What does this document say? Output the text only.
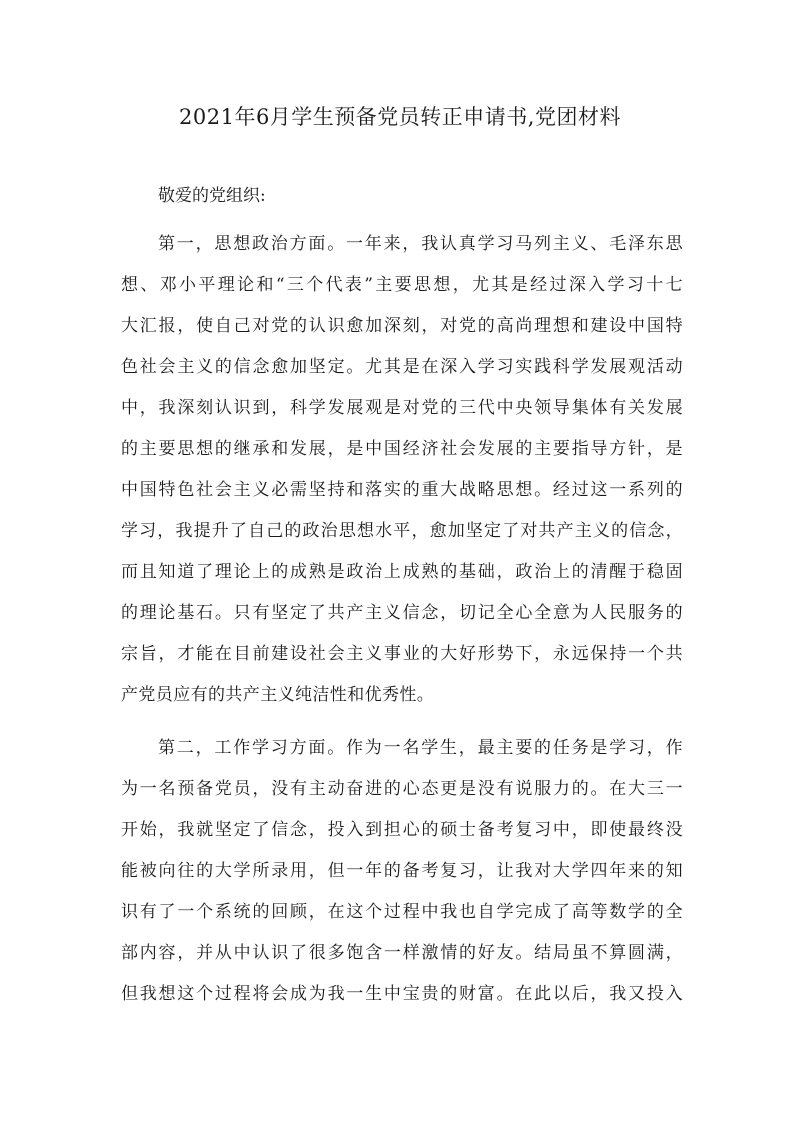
2021年6月学生预备党员转正申请书,党团材料

敬爱的党组织:

第一，思想政治方面。一年来，我认真学习马列主义、毛泽东思
想、邓小平理论和“三个代表”主要思想，尤其是经过深入学习十七
大汇报，使自己对党的认识愈加深刻，对党的高尚理想和建设中国特
色社会主义的信念愈加坚定。尤其是在深入学习实践科学发展观活动
中，我深刻认识到，科学发展观是对党的三代中央领导集体有关发展
的主要思想的继承和发展，是中国经济社会发展的主要指导方针，是
中国特色社会主义必需坚持和落实的重大战略思想。经过这一系列的
学习，我提升了自己的政治思想水平，愈加坚定了对共产主义的信念，
而且知道了理论上的成熟是政治上成熟的基础，政治上的清醒于稳固
的理论基石。只有坚定了共产主义信念，切记全心全意为人民服务的
宗旨，才能在目前建设社会主义事业的大好形势下，永远保持一个共
产党员应有的共产主义纯洁性和优秀性。
第二，工作学习方面。作为一名学生，最主要的任务是学习，作
为一名预备党员，没有主动奋进的心态更是没有说服力的。在大三一
开始，我就坚定了信念，投入到担心的硕士备考复习中，即使最终没
能被向往的大学所录用，但一年的备考复习，让我对大学四年来的知
识有了一个系统的回顾，在这个过程中我也自学完成了高等数学的全
部内容，并从中认识了很多饱含一样激情的好友。结局虽不算圆满，
但我想这个过程将会成为我一生中宝贵的财富。在此以后，我又投入
